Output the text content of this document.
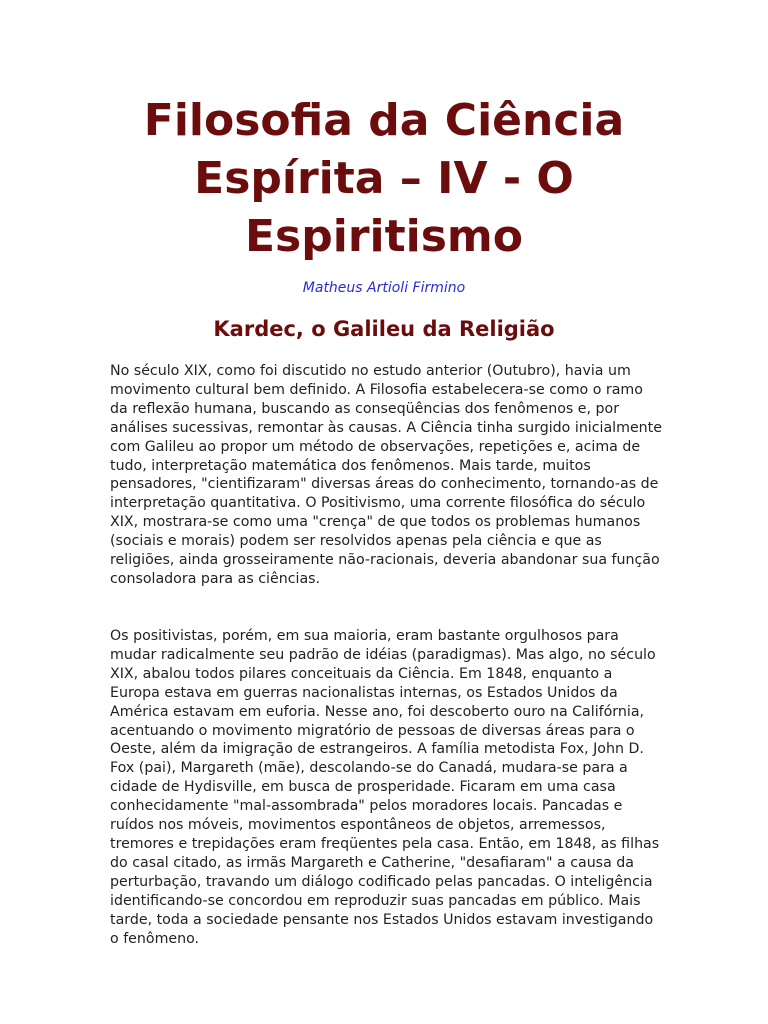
Filosofia da Ciência Espírita – IV - O Espiritismo

Matheus Artioli Firmino

Kardec, o Galileu da Religião

No século XIX, como foi discutido no estudo anterior (Outubro), havia um movimento cultural bem definido. A Filosofia estabelecera-se como o ramo da reflexão humana, buscando as conseqüências dos fenômenos e, por análises sucessivas, remontar às causas. A Ciência tinha surgido inicialmente com Galileu ao propor um método de observações, repetições e, acima de tudo, interpretação matemática dos fenômenos. Mais tarde, muitos pensadores, "cientifizaram" diversas áreas do conhecimento, tornando-as de interpretação quantitativa. O Positivismo, uma corrente filosófica do século XIX, mostrara-se como uma "crença" de que todos os problemas humanos (sociais e morais) podem ser resolvidos apenas pela ciência e que as religiões, ainda grosseiramente não-racionais, deveria abandonar sua função consoladora para as ciências.

Os positivistas, porém, em sua maioria, eram bastante orgulhosos para mudar radicalmente seu padrão de idéias (paradigmas). Mas algo, no século XIX, abalou todos pilares conceituais da Ciência. Em 1848, enquanto a Europa estava em guerras nacionalistas internas, os Estados Unidos da América estavam em euforia. Nesse ano, foi descoberto ouro na Califórnia, acentuando o movimento migratório de pessoas de diversas áreas para o Oeste, além da imigração de estrangeiros. A família metodista Fox, John D. Fox (pai), Margareth (mãe), descolando-se do Canadá, mudara-se para a cidade de Hydisville, em busca de prosperidade. Ficaram em uma casa conhecidamente "mal-assombrada" pelos moradores locais. Pancadas e ruídos nos móveis, movimentos espontâneos de objetos, arremessos, tremores e trepidações eram freqüentes pela casa. Então, em 1848, as filhas do casal citado, as irmãs Margareth e Catherine, "desafiaram" a causa da perturbação, travando um diálogo codificado pelas pancadas. O inteligência identificando-se concordou em reproduzir suas pancadas em público. Mais tarde, toda a sociedade pensante nos Estados Unidos estavam investigando o fenômeno.
